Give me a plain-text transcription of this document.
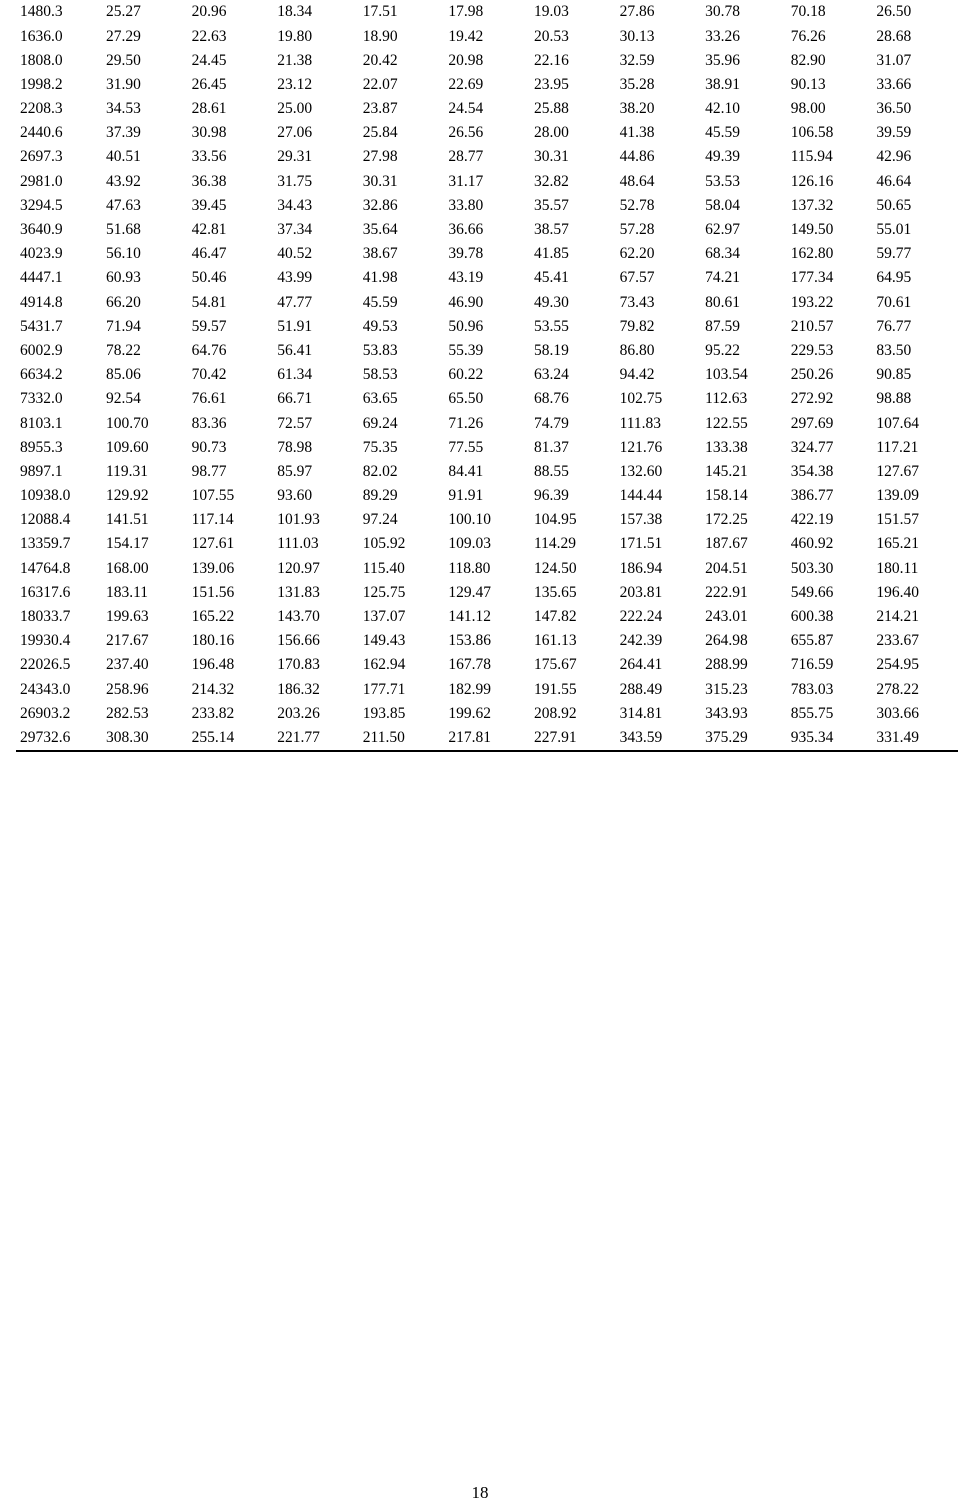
1480.3	25.27	20.96	18.34	17.51	17.98	19.03	27.86	30.78	70.18	26.50
1636.0	27.29	22.63	19.80	18.90	19.42	20.53	30.13	33.26	76.26	28.68
1808.0	29.50	24.45	21.38	20.42	20.98	22.16	32.59	35.96	82.90	31.07
1998.2	31.90	26.45	23.12	22.07	22.69	23.95	35.28	38.91	90.13	33.66
2208.3	34.53	28.61	25.00	23.87	24.54	25.88	38.20	42.10	98.00	36.50
2440.6	37.39	30.98	27.06	25.84	26.56	28.00	41.38	45.59	106.58	39.59
2697.3	40.51	33.56	29.31	27.98	28.77	30.31	44.86	49.39	115.94	42.96
2981.0	43.92	36.38	31.75	30.31	31.17	32.82	48.64	53.53	126.16	46.64
3294.5	47.63	39.45	34.43	32.86	33.80	35.57	52.78	58.04	137.32	50.65
3640.9	51.68	42.81	37.34	35.64	36.66	38.57	57.28	62.97	149.50	55.01
4023.9	56.10	46.47	40.52	38.67	39.78	41.85	62.20	68.34	162.80	59.77
4447.1	60.93	50.46	43.99	41.98	43.19	45.41	67.57	74.21	177.34	64.95
4914.8	66.20	54.81	47.77	45.59	46.90	49.30	73.43	80.61	193.22	70.61
5431.7	71.94	59.57	51.91	49.53	50.96	53.55	79.82	87.59	210.57	76.77
6002.9	78.22	64.76	56.41	53.83	55.39	58.19	86.80	95.22	229.53	83.50
6634.2	85.06	70.42	61.34	58.53	60.22	63.24	94.42	103.54	250.26	90.85
7332.0	92.54	76.61	66.71	63.65	65.50	68.76	102.75	112.63	272.92	98.88
8103.1	100.70	83.36	72.57	69.24	71.26	74.79	111.83	122.55	297.69	107.64
8955.3	109.60	90.73	78.98	75.35	77.55	81.37	121.76	133.38	324.77	117.21
9897.1	119.31	98.77	85.97	82.02	84.41	88.55	132.60	145.21	354.38	127.67
10938.0	129.92	107.55	93.60	89.29	91.91	96.39	144.44	158.14	386.77	139.09
12088.4	141.51	117.14	101.93	97.24	100.10	104.95	157.38	172.25	422.19	151.57
13359.7	154.17	127.61	111.03	105.92	109.03	114.29	171.51	187.67	460.92	165.21
14764.8	168.00	139.06	120.97	115.40	118.80	124.50	186.94	204.51	503.30	180.11
16317.6	183.11	151.56	131.83	125.75	129.47	135.65	203.81	222.91	549.66	196.40
18033.7	199.63	165.22	143.70	137.07	141.12	147.82	222.24	243.01	600.38	214.21
19930.4	217.67	180.16	156.66	149.43	153.86	161.13	242.39	264.98	655.87	233.67
22026.5	237.40	196.48	170.83	162.94	167.78	175.67	264.41	288.99	716.59	254.95
24343.0	258.96	214.32	186.32	177.71	182.99	191.55	288.49	315.23	783.03	278.22
26903.2	282.53	233.82	203.26	193.85	199.62	208.92	314.81	343.93	855.75	303.66
29732.6	308.30	255.14	221.77	211.50	217.81	227.91	343.59	375.29	935.34	331.49
18
